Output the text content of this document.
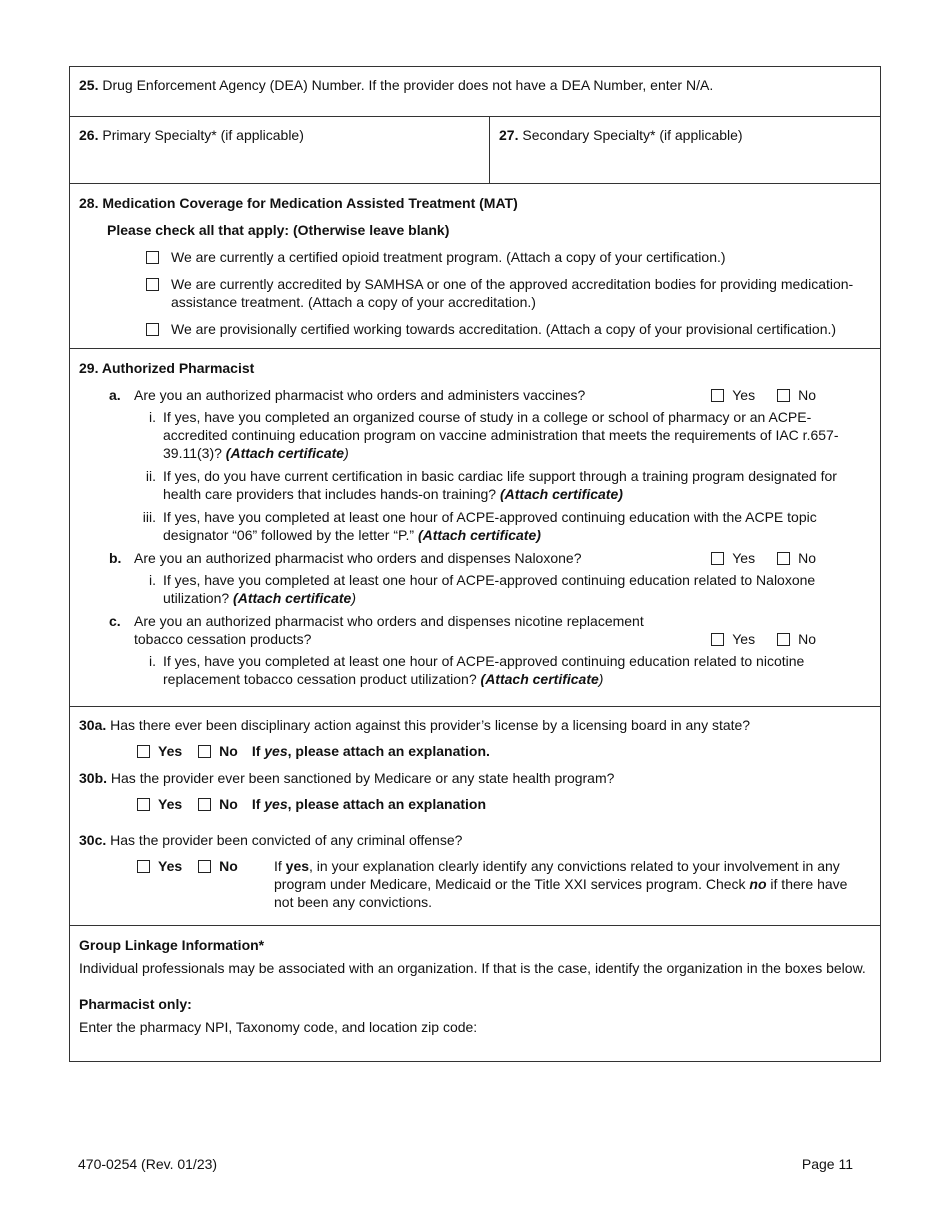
25. Drug Enforcement Agency (DEA) Number. If the provider does not have a DEA Number, enter N/A.

26. Primary Specialty* (if applicable)	27. Secondary Specialty* (if applicable)

28. Medication Coverage for Medication Assisted Treatment (MAT)
Please check all that apply: (Otherwise leave blank)
We are currently a certified opioid treatment program. (Attach a copy of your certification.)
We are currently accredited by SAMHSA or one of the approved accreditation bodies for providing medication-assistance treatment. (Attach a copy of your accreditation.)
We are provisionally certified working towards accreditation. (Attach a copy of your provisional certification.)

29. Authorized Pharmacist
a. Are you an authorized pharmacist who orders and administers vaccines?	Yes	No
i. If yes, have you completed an organized course of study in a college or school of pharmacy or an ACPE-accredited continuing education program on vaccine administration that meets the requirements of IAC r.657-39.11(3)? (Attach certificate)
ii. If yes, do you have current certification in basic cardiac life support through a training program designated for health care providers that includes hands-on training? (Attach certificate)
iii. If yes, have you completed at least one hour of ACPE-approved continuing education with the ACPE topic designator “06” followed by the letter “P.” (Attach certificate)
b. Are you an authorized pharmacist who orders and dispenses Naloxone?	Yes	No
i. If yes, have you completed at least one hour of ACPE-approved continuing education related to Naloxone utilization? (Attach certificate)
c. Are you an authorized pharmacist who orders and dispenses nicotine replacement
tobacco cessation products?	Yes	No
i. If yes, have you completed at least one hour of ACPE-approved continuing education related to nicotine replacement tobacco cessation product utilization? (Attach certificate)

30a. Has there ever been disciplinary action against this provider’s license by a licensing board in any state?
Yes	No If yes, please attach an explanation.
30b. Has the provider ever been sanctioned by Medicare or any state health program?
Yes	No If yes, please attach an explanation
30c. Has the provider been convicted of any criminal offense?
Yes	No	If yes, in your explanation clearly identify any convictions related to your involvement in any program under Medicare, Medicaid or the Title XXI services program. Check no if there have not been any convictions.

Group Linkage Information*
Individual professionals may be associated with an organization. If that is the case, identify the organization in the boxes below.
Pharmacist only:
Enter the pharmacy NPI, Taxonomy code, and location zip code:
470-0254 (Rev. 01/23)	Page 11
